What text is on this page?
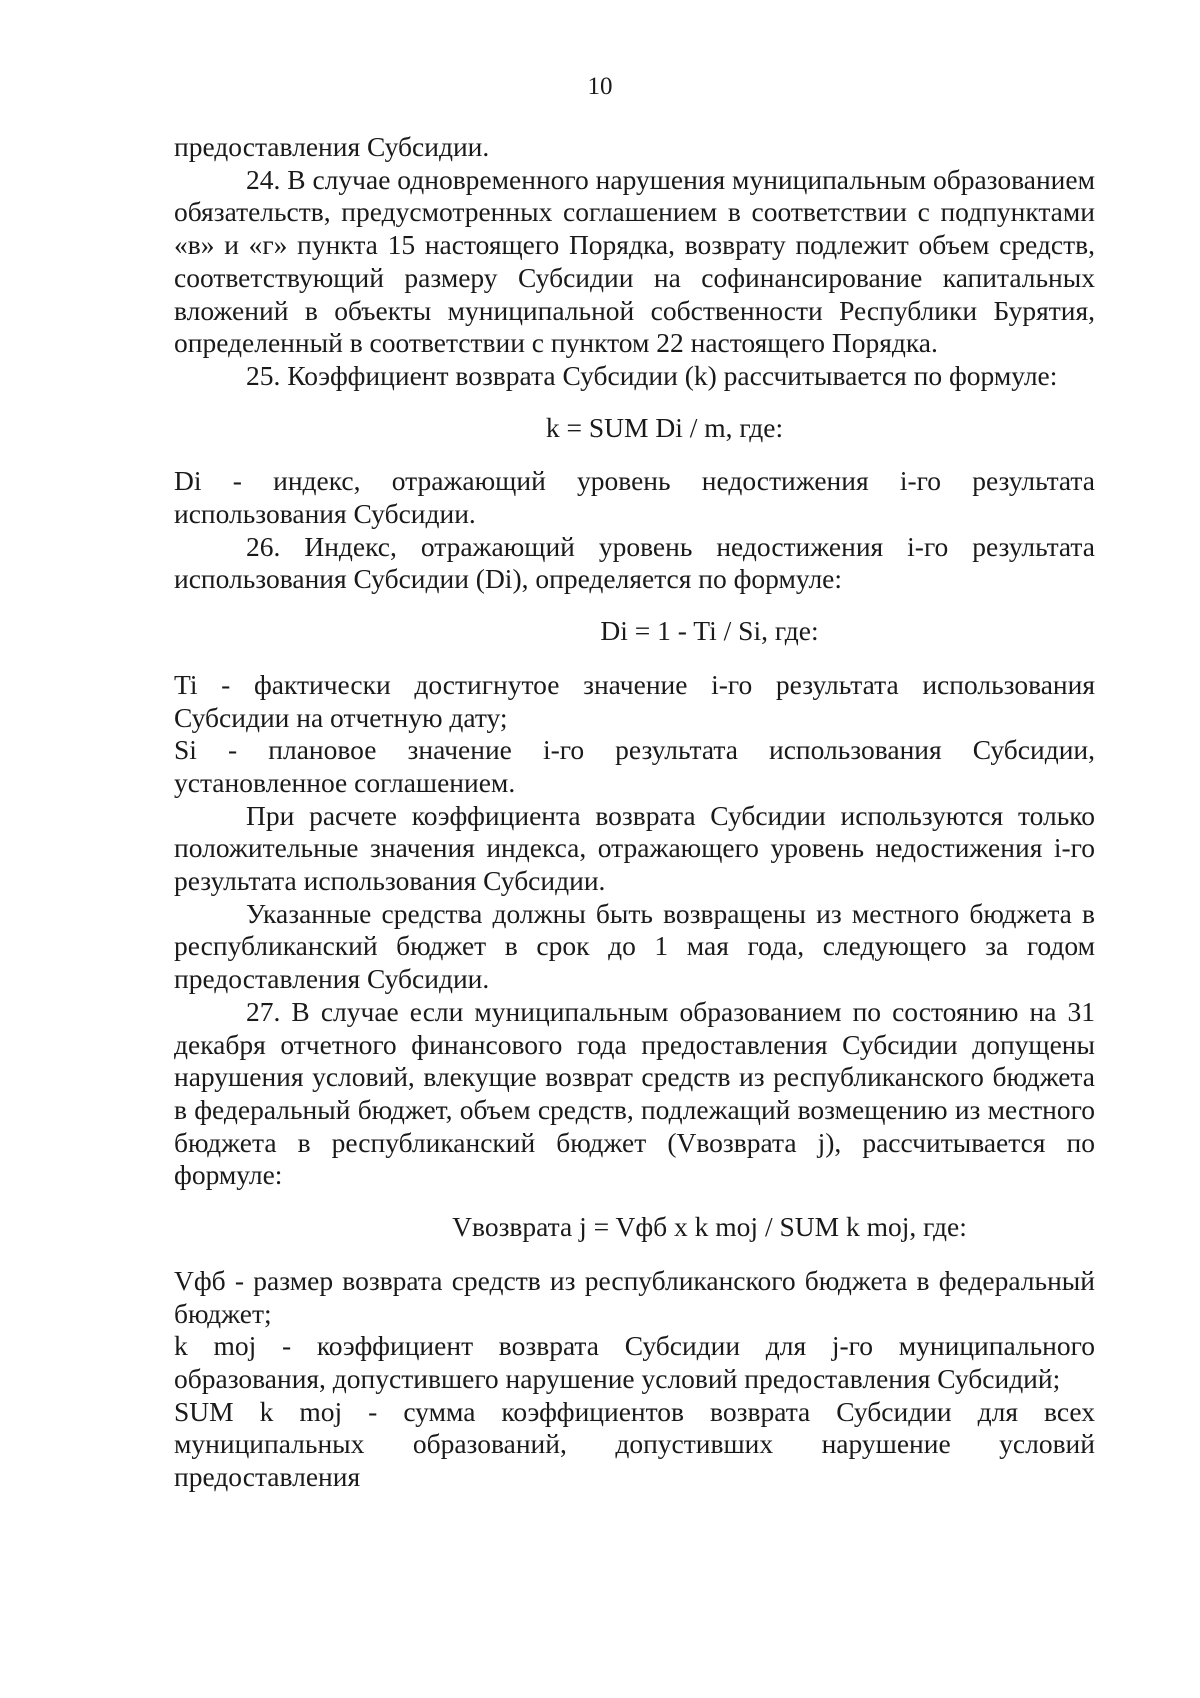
10

предоставления Субсидии.

24. В случае одновременного нарушения муниципальным образованием обязательств, предусмотренных соглашением в соответствии с подпунктами «в» и «г» пункта 15 настоящего Порядка, возврату подлежит объем средств, соответствующий размеру Субсидии на софинансирование капитальных вложений в объекты муниципальной собственности Республики Бурятия, определенный в соответствии с пунктом 22 настоящего Порядка.

25. Коэффициент возврата Субсидии (k) рассчитывается по формуле:

k = SUM Di / m, где:

Di - индекс, отражающий уровень недостижения i-го результата использования Субсидии.

26. Индекс, отражающий уровень недостижения i-го результата использования Субсидии (Di), определяется по формуле:

Di = 1 - Ti / Si, где:

Ti - фактически достигнутое значение i-го результата использования Субсидии на отчетную дату;

Si - плановое значение i-го результата использования Субсидии, установленное соглашением.

При расчете коэффициента возврата Субсидии используются только положительные значения индекса, отражающего уровень недостижения i-го результата использования Субсидии.

Указанные средства должны быть возвращены из местного бюджета в республиканский бюджет в срок до 1 мая года, следующего за годом предоставления Субсидии.

27. В случае если муниципальным образованием по состоянию на 31 декабря отчетного финансового года предоставления Субсидии допущены нарушения условий, влекущие возврат средств из республиканского бюджета в федеральный бюджет, объем средств, подлежащий возмещению из местного бюджета в республиканский бюджет (Vвозврата j), рассчитывается по формуле:

Vвозврата j = Vфб x k moj / SUM k moj, где:

Vфб - размер возврата средств из республиканского бюджета в федеральный бюджет;

k moj - коэффициент возврата Субсидии для j-го муниципального образования, допустившего нарушение условий предоставления Субсидий;

SUM k moj - сумма коэффициентов возврата Субсидии для всех муниципальных образований, допустивших нарушение условий предоставления
